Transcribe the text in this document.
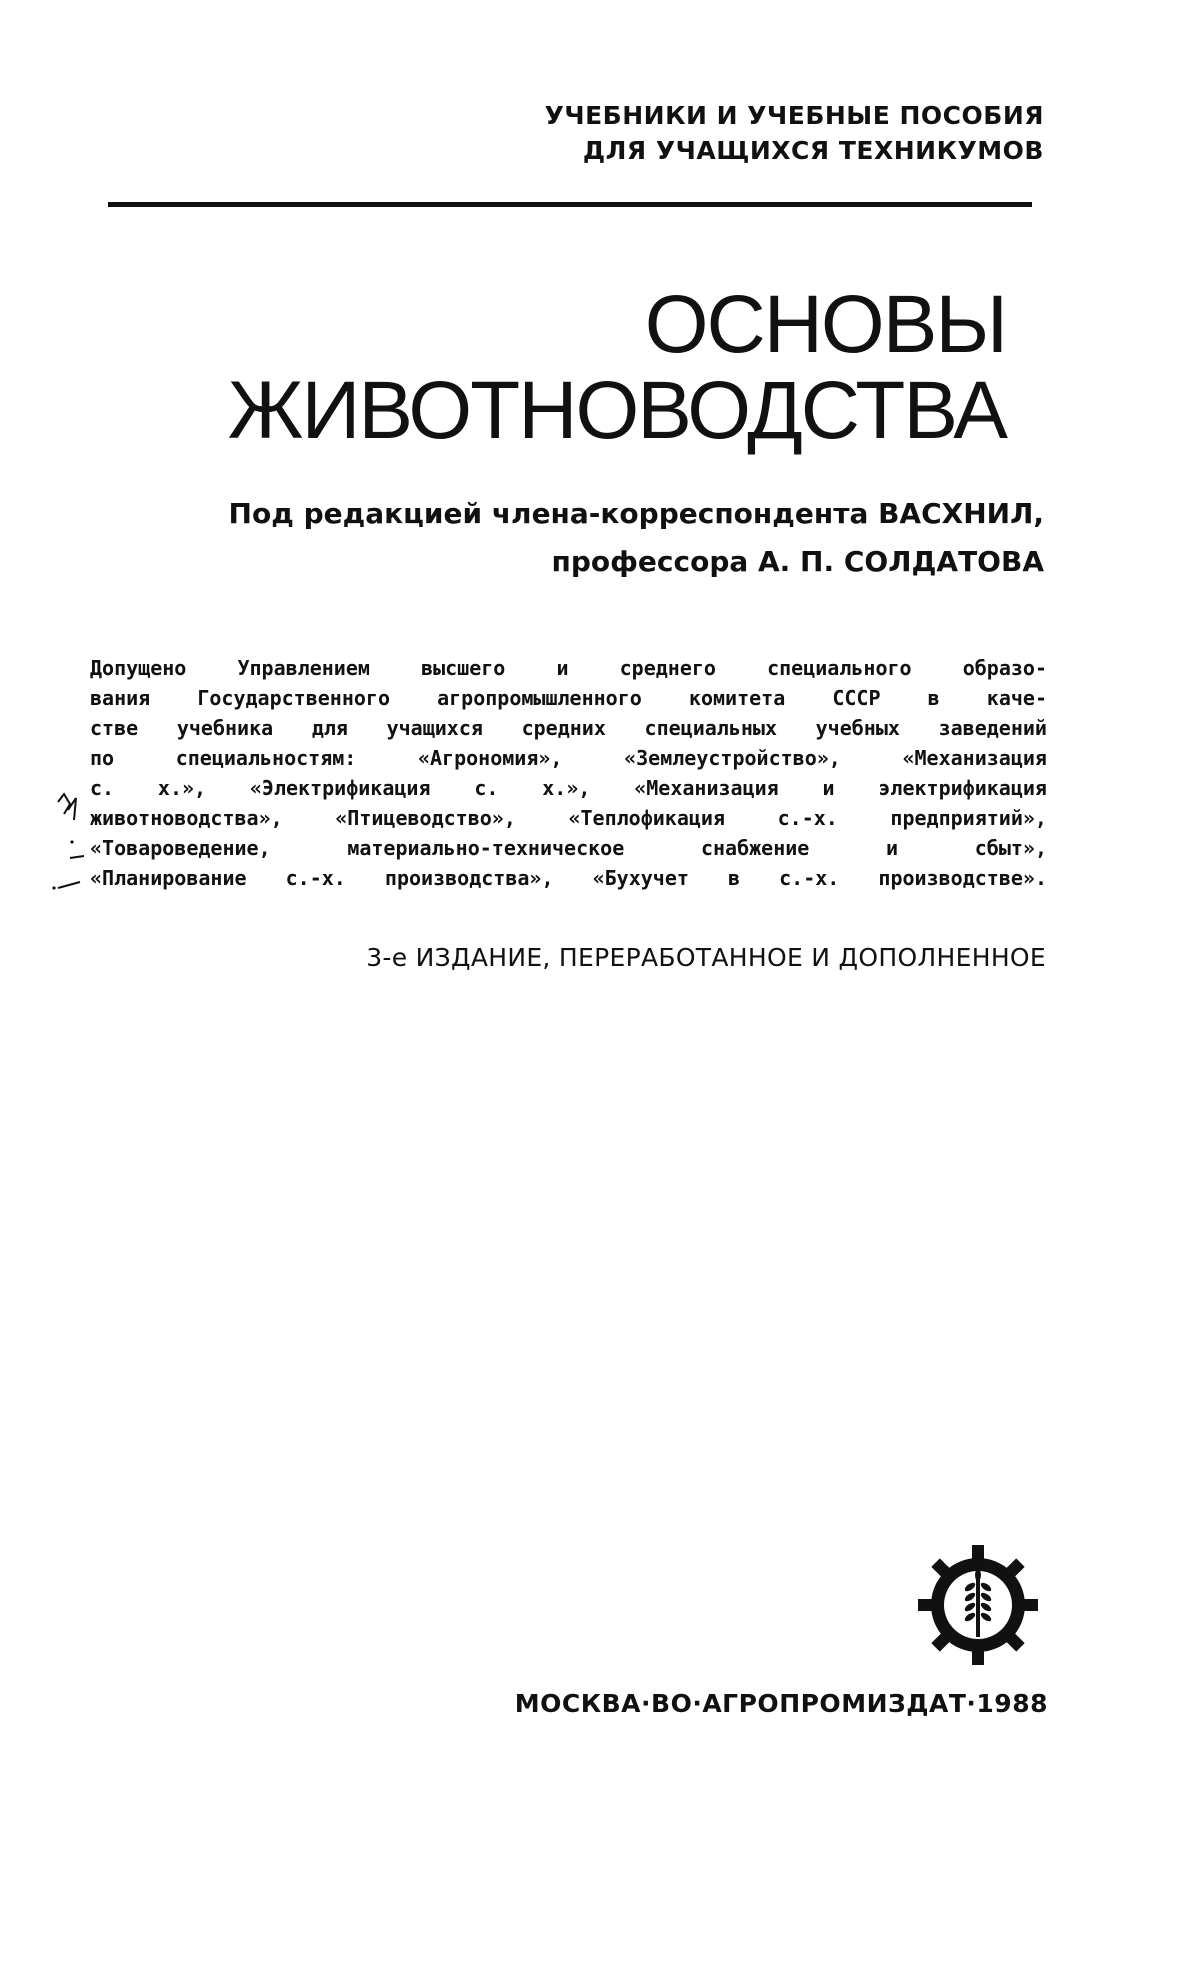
УЧЕБНИКИ И УЧЕБНЫЕ ПОСОБИЯ
ДЛЯ УЧАЩИХСЯ ТЕХНИКУМОВ
ОСНОВЫ
ЖИВОТНОВОДСТВА
Под редакцией члена-корреспондента ВАСХНИЛ,
профессора А. П. СОЛДАТОВА
Допущено	Управлением	высшего	и	среднего	специального	образо-
вания Государственного агропромышленного комитета СССР в каче-
стве учебника для учащихся средних специальных учебных заведений
по	специальностям:	«Агрономия»,	«Землеустройство»,	«Механизация
с. х.», «Электрификация с. х.», «Механизация и электрификация
животноводства»,	«Птицеводство»,	«Теплофикация	с.-х.	предприятий»,
«Товароведение,	материально-техническое	снабжение	и	сбыт»,
«Планирование с.-х. производства», «Бухучет в с.-х. производстве».
3-е ИЗДАНИЕ, ПЕРЕРАБОТАННОЕ И ДОПОЛНЕННОЕ
МОСКВА·ВО·АГРОПРОМИЗДАТ·1988
